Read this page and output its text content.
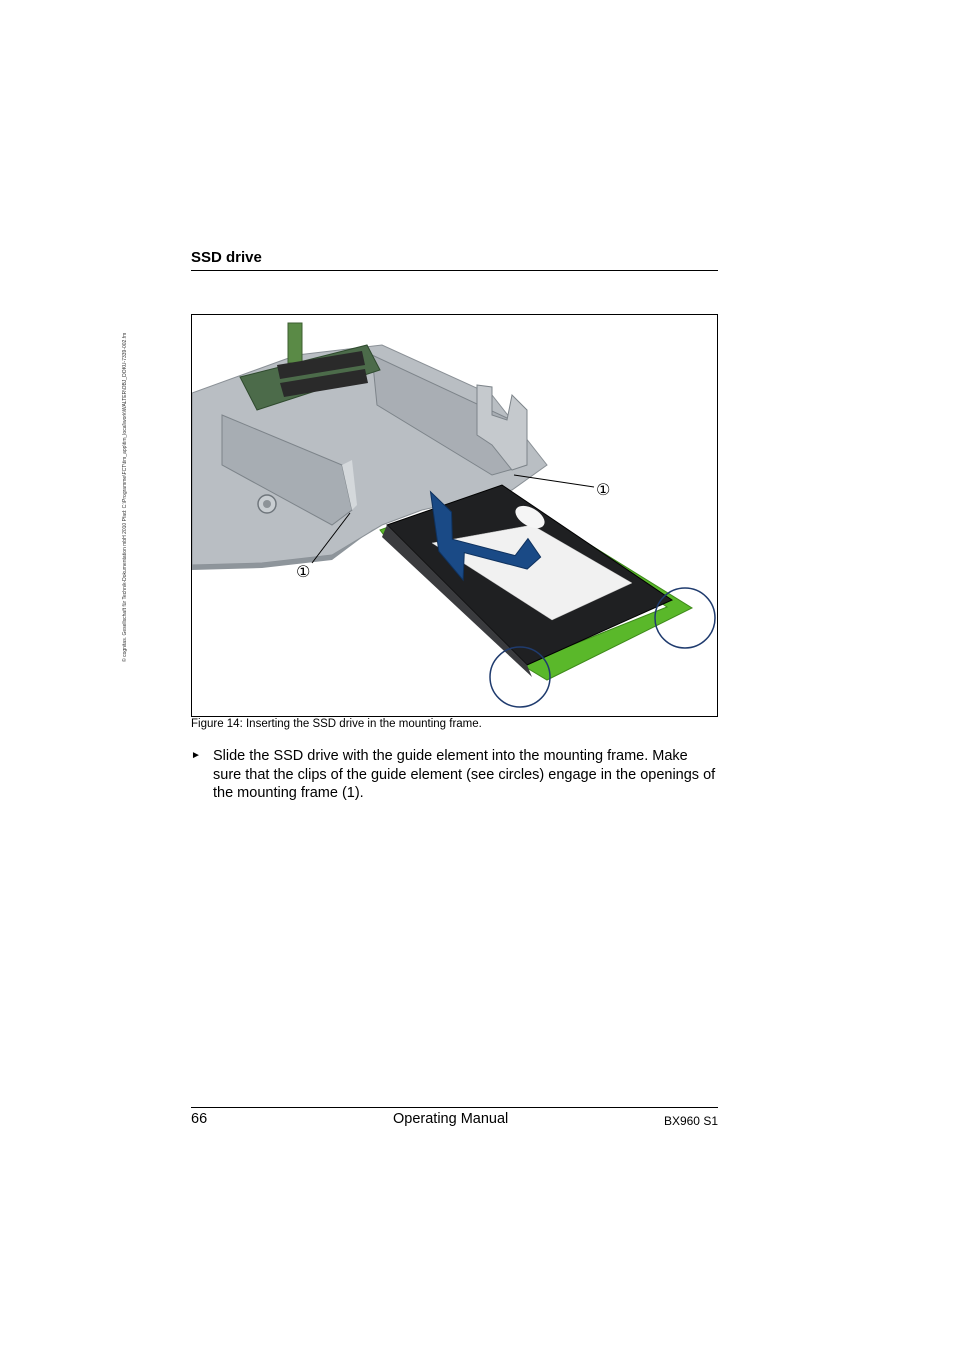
© cognitas. Gesellschaft für Technik-Dokumentation mbH 2010 Pfad: C:\Programme\FCT\tim_app\tim_local\work\WALTER\OBJ_DOKU-7339-002.fm
SSD drive
①
①
Figure 14: Inserting the SSD drive in the mounting frame.
► Slide the SSD drive with the guide element into the mounting frame. Make sure that the clips of the guide element (see circles) engage in the openings of the mounting frame (1).
66	Operating Manual	BX960 S1
